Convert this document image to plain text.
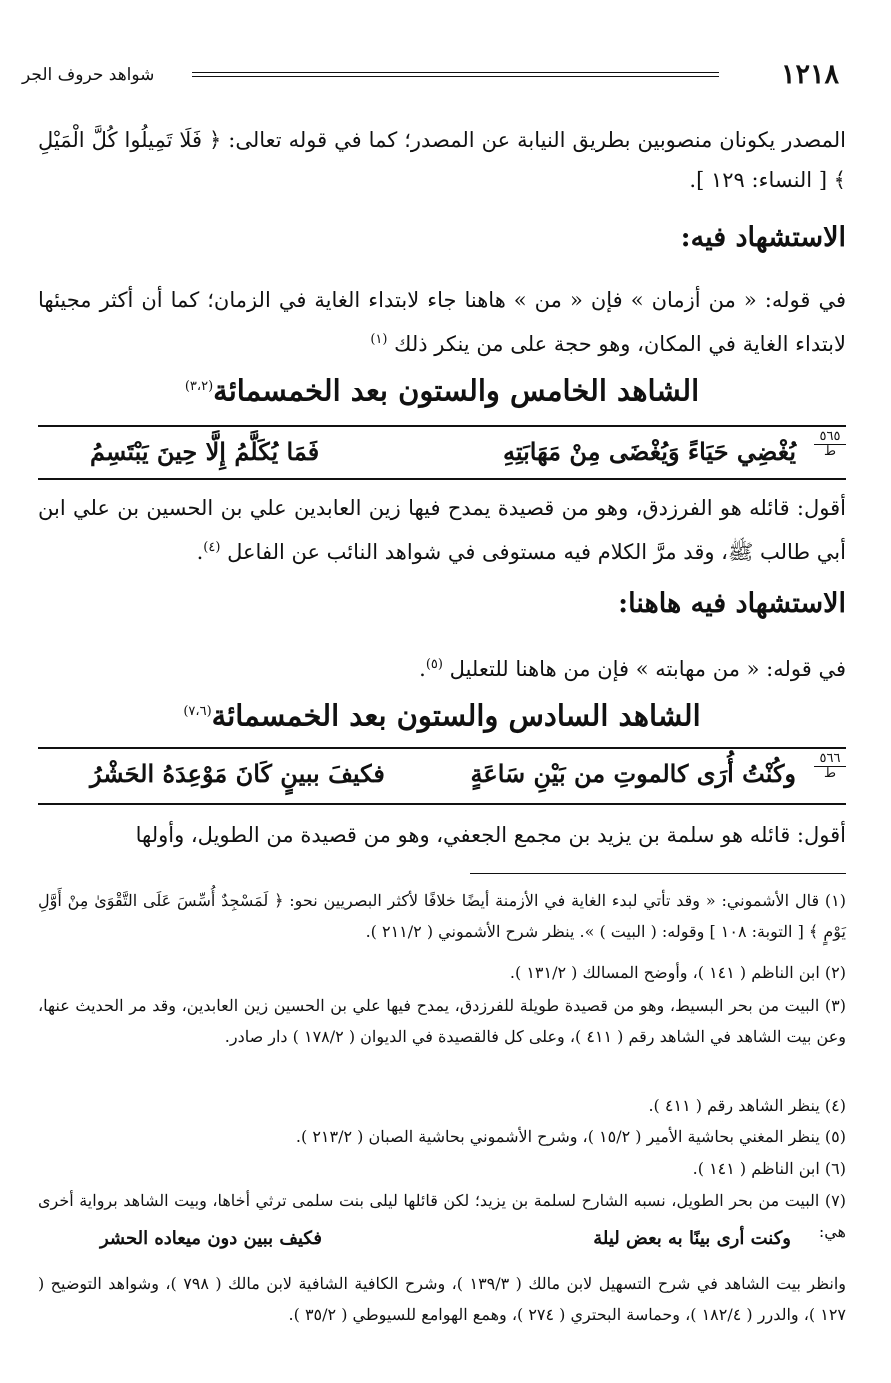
١٢١٨
شواهد حروف الجر
المصدر يكونان منصوبين بطريق النيابة عن المصدر؛ كما في قوله تعالى: ﴿ فَلَا تَمِيلُوا كُلَّ الْمَيْلِ ﴾ [ النساء: ١٢٩ ].
الاستشهاد فيه:
في قوله: « من أزمان » فإن « من » هاهنا جاء لابتداء الغاية في الزمان؛ كما أن أكثر مجيئها لابتداء الغاية في المكان، وهو حجة على من ينكر ذلك $^{(١)}$
الشاهد الخامس والستون بعد الخمسمائة$^{(٣،٢)}$
٥٦٥
ط
يُغْضِي حَيَاءً وَيُغْضَى مِنْ مَهَابَتِهِ
فَمَا يُكَلَّمُ إِلَّا حِينَ يَبْتَسِمُ
أقول: قائله هو الفرزدق، وهو من قصيدة يمدح فيها زين العابدين علي بن الحسين بن علي ابن أبي طالب ﷺ، وقد مرَّ الكلام فيه مستوفى في شواهد النائب عن الفاعل $^{(٤)}$.
الاستشهاد فيه هاهنا:
في قوله: « من مهابته » فإن من هاهنا للتعليل $^{(٥)}$.
الشاهد السادس والستون بعد الخمسمائة$^{(٧،٦)}$
٥٦٦
ط
وكُنْتُ أُرَى كالموتِ من بَيْنِ سَاعَةٍ
فكيفَ ببينٍ كَانَ مَوْعِدَهُ الحَشْرُ
أقول: قائله هو سلمة بن يزيد بن مجمع الجعفي، وهو من قصيدة من الطويل، وأولها
(١) قال الأشموني: « وقد تأتي لبدء الغاية في الأزمنة أيضًا خلافًا لأكثر البصريين نحو: ﴿ لَمَسْجِدٌ أُسِّسَ عَلَى التَّقْوَىٰ مِنْ أَوَّلِ يَوْمٍ ﴾ [ التوبة: ١٠٨ ] وقوله: ( البيت ) ». ينظر شرح الأشموني ( ٢١١/٢ ).
(٢) ابن الناظم ( ١٤١ )، وأوضح المسالك ( ١٣١/٢ ).
(٣) البيت من بحر البسيط، وهو من قصيدة طويلة للفرزدق، يمدح فيها علي بن الحسين زين العابدين، وقد مر الحديث عنها، وعن بيت الشاهد في الشاهد رقم ( ٤١١ )، وعلى كل فالقصيدة في الديوان ( ١٧٨/٢ ) دار صادر.
(٤) ينظر الشاهد رقم ( ٤١١ ).
(٥) ينظر المغني بحاشية الأمير ( ١٥/٢ )، وشرح الأشموني بحاشية الصبان ( ٢١٣/٢ ).
(٦) ابن الناظم ( ١٤١ ).
(٧) البيت من بحر الطويل، نسبه الشارح لسلمة بن يزيد؛ لكن قائلها ليلى بنت سلمى ترثي أخاها، وبيت الشاهد برواية أخرى هي:
وكنت أرى بينًا به بعض ليلة
فكيف ببين دون ميعاده الحشر
وانظر بيت الشاهد في شرح التسهيل لابن مالك ( ١٣٩/٣ )، وشرح الكافية الشافية لابن مالك ( ٧٩٨ )، وشواهد التوضيح ( ١٢٧ )، والدرر ( ١٨٢/٤ )، وحماسة البحتري ( ٢٧٤ )، وهمع الهوامع للسيوطي ( ٣٥/٢ ).
